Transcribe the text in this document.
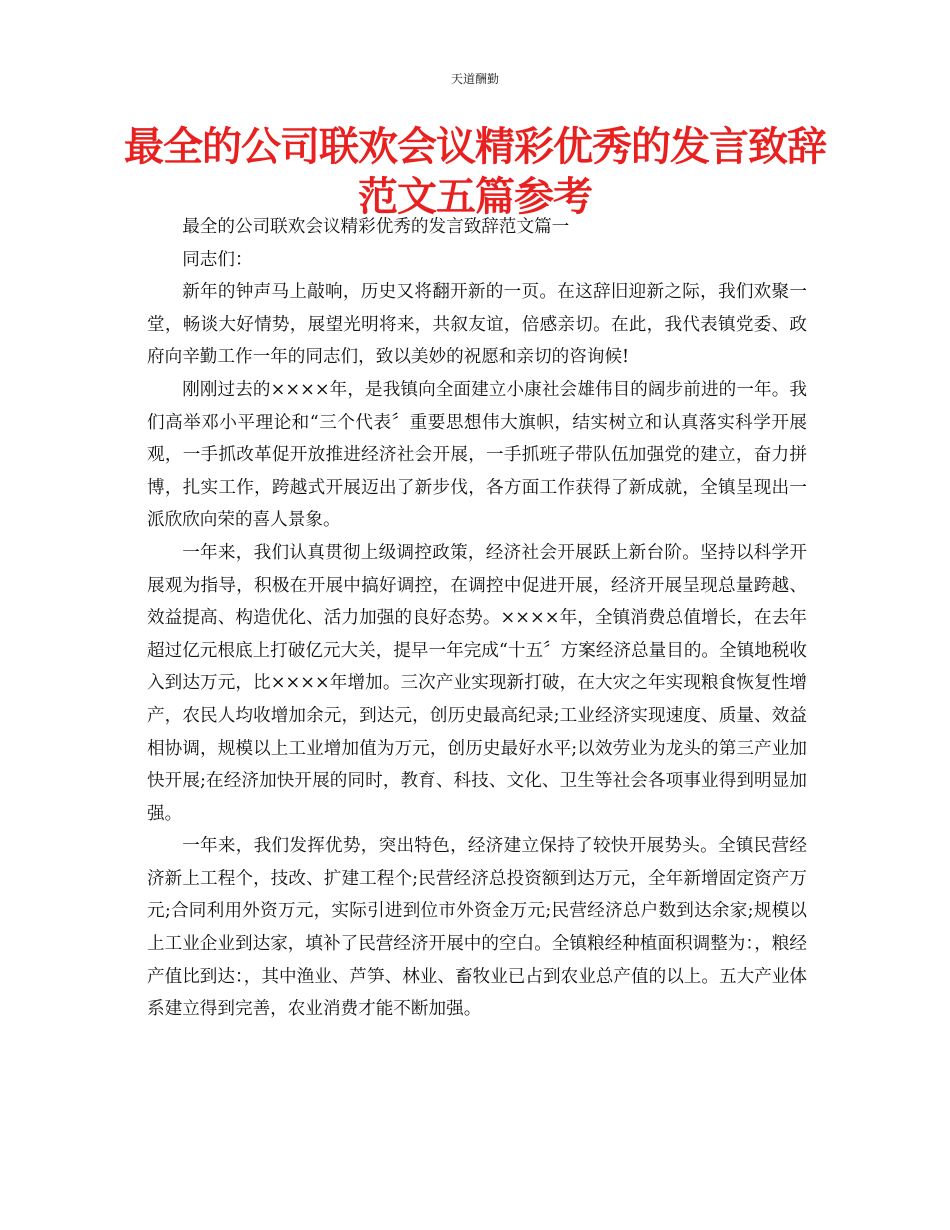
天道酬勤
最全的公司联欢会议精彩优秀的发言致辞范文五篇参考

最全的公司联欢会议精彩优秀的发言致辞范文篇一

同志们：

新年的钟声马上敲响，历史又将翻开新的一页。在这辞旧迎新之际，我们欢聚一堂，畅谈大好情势，展望光明将来，共叙友谊，倍感亲切。在此，我代表镇党委、政府向辛勤工作一年的同志们，致以美妙的祝愿和亲切的咨询候!

刚刚过去的××××年，是我镇向全面建立小康社会雄伟目的阔步前进的一年。我们高举邓小平理论和“三个代表〞重要思想伟大旗帜，结实树立和认真落实科学开展观，一手抓改革促开放推进经济社会开展，一手抓班子带队伍加强党的建立，奋力拼博，扎实工作，跨越式开展迈出了新步伐，各方面工作获得了新成就，全镇呈现出一派欣欣向荣的喜人景象。

一年来，我们认真贯彻上级调控政策，经济社会开展跃上新台阶。坚持以科学开展观为指导，积极在开展中搞好调控，在调控中促进开展，经济开展呈现总量跨越、效益提高、构造优化、活力加强的良好态势。××××年，全镇消费总值增长，在去年超过亿元根底上打破亿元大关，提早一年完成“十五〞方案经济总量目的。全镇地税收入到达万元，比××××年增加。三次产业实现新打破，在大灾之年实现粮食恢复性增产，农民人均收增加余元，到达元，创历史最高纪录;工业经济实现速度、质量、效益相协调，规模以上工业增加值为万元，创历史最好水平;以效劳业为龙头的第三产业加快开展;在经济加快开展的同时，教育、科技、文化、卫生等社会各项事业得到明显加强。

一年来，我们发挥优势，突出特色，经济建立保持了较快开展势头。全镇民营经济新上工程个，技改、扩建工程个;民营经济总投资额到达万元，全年新增固定资产万元;合同利用外资万元，实际引进到位市外资金万元;民营经济总户数到达余家;规模以上工业企业到达家，填补了民营经济开展中的空白。全镇粮经种植面积调整为：，粮经产值比到达：，其中渔业、芦笋、林业、畜牧业已占到农业总产值的以上。五大产业体系建立得到完善，农业消费才能不断加强。
